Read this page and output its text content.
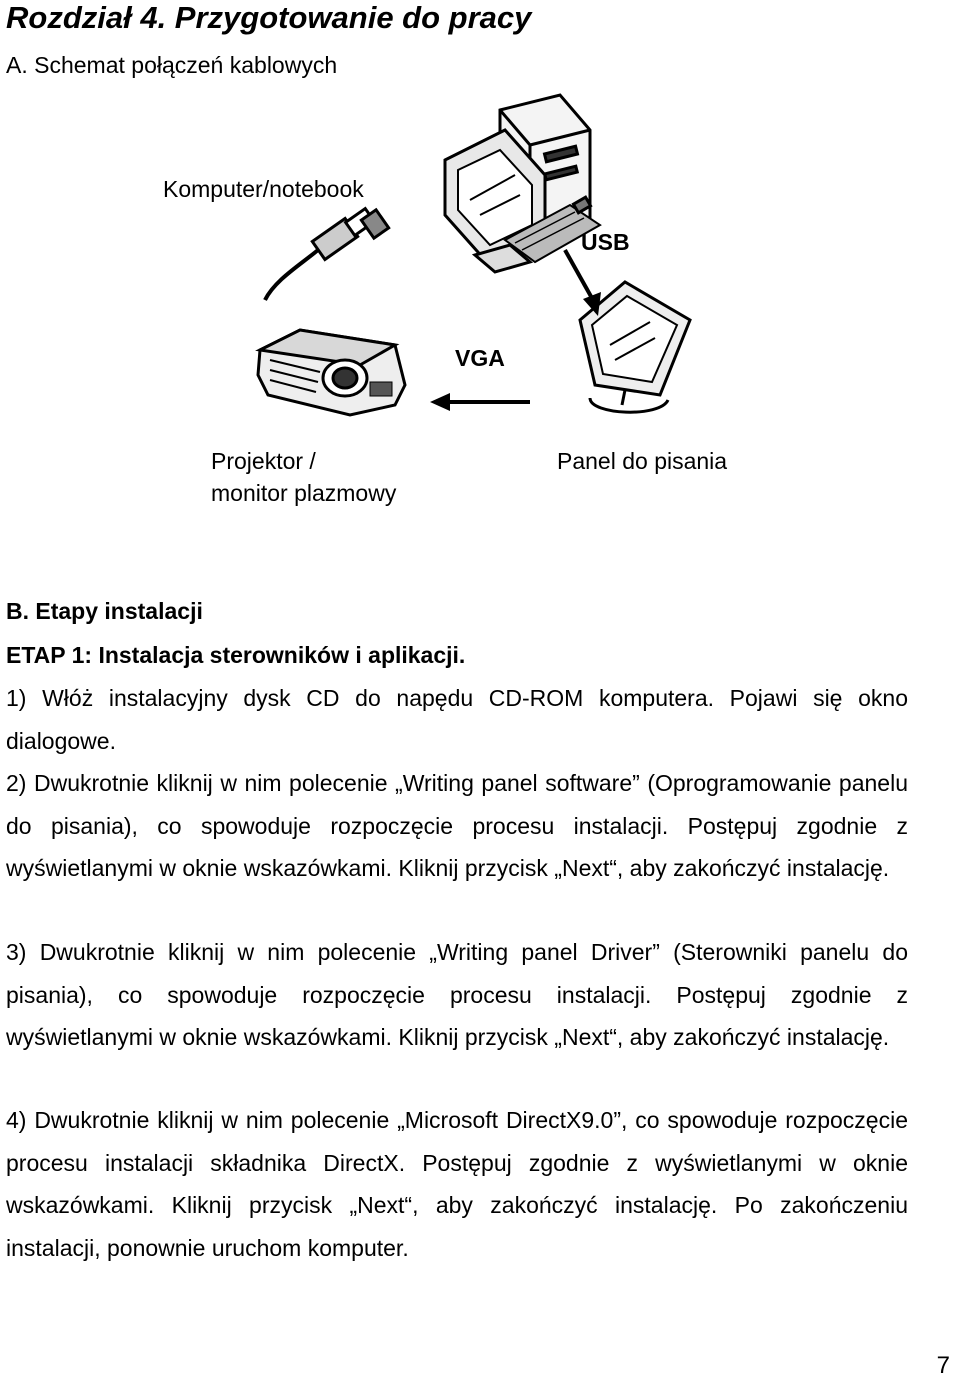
Rozdział 4. Przygotowanie do pracy
A. Schemat połączeń kablowych
Komputer/notebook
USB
VGA
Projektor /
monitor plazmowy
Panel do pisania
B. Etapy instalacji
ETAP 1: Instalacja sterowników i aplikacji.
1) Włóż instalacyjny dysk CD do napędu CD-ROM komputera. Pojawi się okno dialogowe.
2) Dwukrotnie kliknij w nim polecenie „Writing panel software” (Oprogramowanie panelu do pisania), co spowoduje rozpoczęcie procesu instalacji. Postępuj zgodnie z wyświetlanymi w oknie wskazówkami. Kliknij przycisk „Next“, aby zakończyć instalację.
3) Dwukrotnie kliknij w nim polecenie „Writing panel Driver” (Sterowniki panelu do pisania), co spowoduje rozpoczęcie procesu instalacji. Postępuj zgodnie z wyświetlanymi w oknie wskazówkami. Kliknij przycisk „Next“, aby zakończyć instalację.
4) Dwukrotnie kliknij w nim polecenie „Microsoft DirectX9.0”, co spowoduje rozpoczęcie procesu instalacji składnika DirectX. Postępuj zgodnie z wyświetlanymi w oknie wskazówkami. Kliknij przycisk „Next“, aby zakończyć instalację. Po zakończeniu instalacji, ponownie uruchom komputer.
7
